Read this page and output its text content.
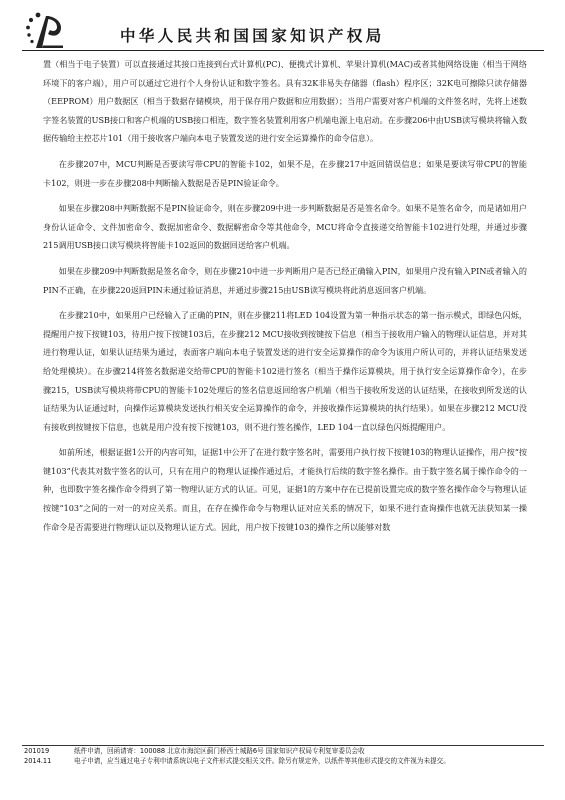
中华人民共和国国家知识产权局

置（相当于电子装置）可以直接通过其接口连接到台式计算机(PC)、便携式计算机、苹果计算机(MAC)或者其他网络设施（相当于网络环境下的客户端），用户可以通过它进行个人身份认证和数字签名。具有32K非易失存储器（flash）程序区；32K电可擦除只读存储器（EEPROM）用户数据区（相当于数据存储模块，用于保存用户数据和应用数据）；当用户需要对客户机端的文件签名时，先将上述数字签名装置的USB接口和客户机端的USB接口相连，数字签名装置利用客户机端电源上电启动。在步骤206中由USB读写模块将输入数据传输给主控芯片101（用于接收客户端向本电子装置发送的进行安全运算操作的命令信息）。

在步骤207中，MCU判断是否要读写带CPU的智能卡102，如果不是，在步骤217中返回错误信息；如果是要读写带CPU的智能卡102，则进一步在步骤208中判断输入数据是否是PIN验证命令。

如果在步骤208中判断数据不是PIN验证命令，则在步骤209中进一步判断数据是否是签名命令。如果不是签名命令，而是诸如用户身份认证命令、文件加密命令、数据加密命令、数据解密命令等其他命令，MCU将命令直接递交给智能卡102进行处理，并通过步骤215调用USB接口读写模块将智能卡102返回的数据回送给客户机端。

如果在步骤209中判断数据是签名命令，则在步骤210中进一步判断用户是否已经正确输入PIN，如果用户没有输入PIN或者输入的PIN不正确，在步骤220返回PIN未通过验证消息，并通过步骤215由USB读写模块将此消息返回客户机端。

在步骤210中，如果用户已经输入了正确的PIN，则在步骤211将LED 104设置为第一种指示状态的第一指示模式，即绿色闪烁，提醒用户按下按键103，待用户按下按键103后，在步骤212 MCU接收到按键按下信息（相当于接收用户输入的物理认证信息，并对其进行物理认证，如果认证结果为通过，表面客户端向本电子装置发送的进行安全运算操作的命令为该用户所认可的，并将认证结果发送给处理模块）。在步骤214将签名数据递交给带CPU的智能卡102进行签名（相当于操作运算模块，用于执行安全运算操作命令），在步骤215，USB读写模块将带CPU的智能卡102处理后的签名信息返回给客户机端（相当于接收所发送的认证结果，在接收到所发送的认证结果为认证通过时，向操作运算模块发送执行相关安全运算操作的命令，并接收操作运算模块的执行结果）。如果在步骤212 MCU没有接收到按键按下信息，也就是用户没有按下按键103，则不进行签名操作，LED 104一直以绿色闪烁提醒用户。

如前所述，根据证据1公开的内容可知，证据1中公开了在进行数字签名时，需要用户执行按下按键103的物理认证操作，用户按“按键103”代表其对数字签名的认可，只有在用户的物理认证操作通过后，才能执行后续的数字签名操作。由于数字签名属于操作命令的一种，也即数字签名操作命令得到了第一物理认证方式的认证。可见，证据1的方案中存在已提前设置完成的数字签名操作命令与物理认证按键“103”之间的一对一的对应关系。而且，在存在操作命令与物理认证对应关系的情况下，如果不进行查询操作也就无法获知某一操作命令是否需要进行物理认证以及物理认证方式。因此，用户按下按键103的操作之所以能够对数

201019	纸件申请，回函请寄：100088 北京市海淀区蓟门桥西土城路6号 国家知识产权局专利复审委员会收
2014.11	电子申请，应当通过电子专利申请系统以电子文件形式提交相关文件。除另有规定外，以纸件等其他形式提交的文件视为未提交。
